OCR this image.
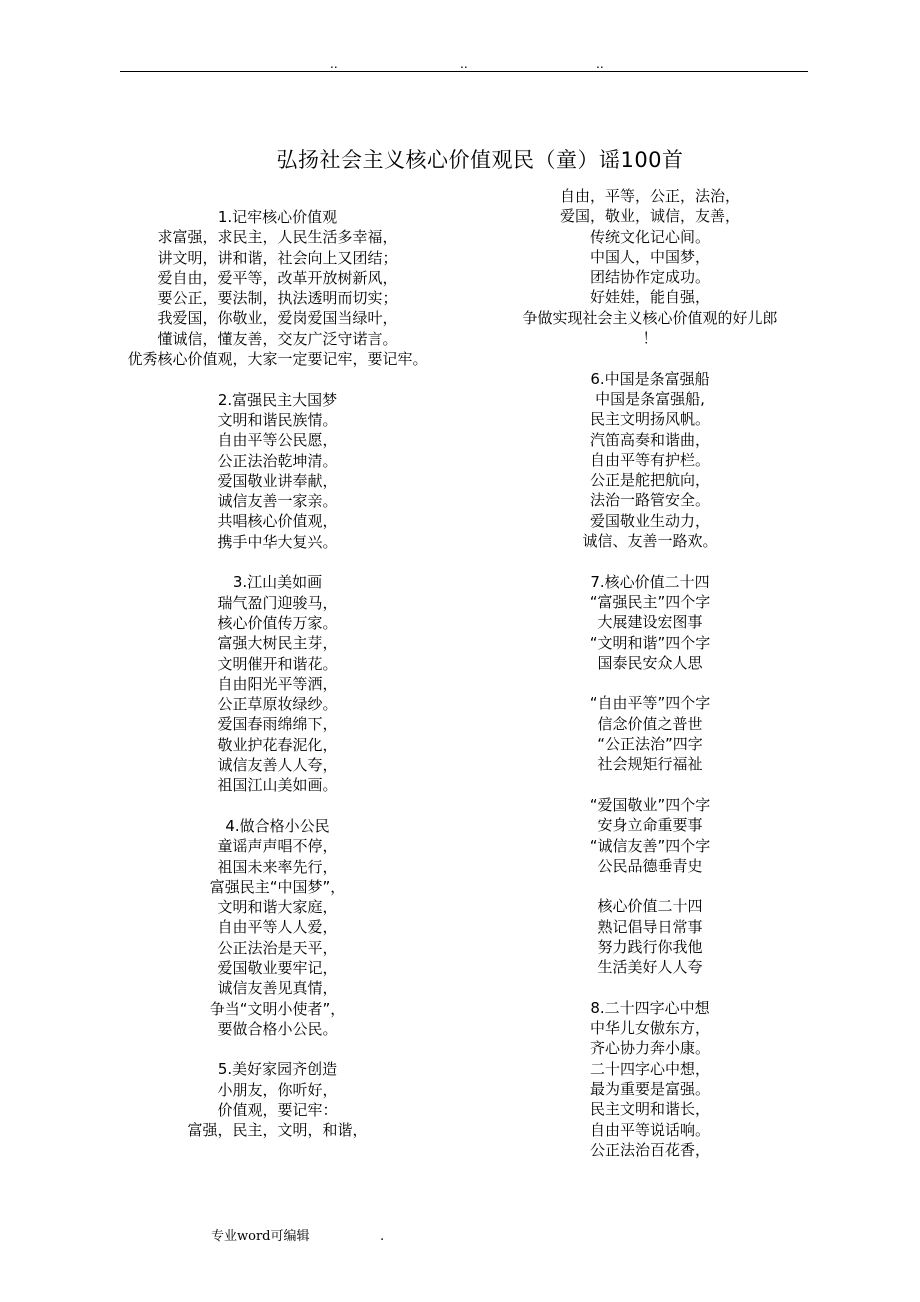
..	..	..
弘扬社会主义核心价值观民（童）谣100首
1.记牢核心价值观
求富强，求民主，人民生活多幸福，
讲文明，讲和谐，社会向上又团结；
爱自由，爱平等，改革开放树新风，
要公正，要法制，执法透明而切实；
我爱国，你敬业，爱岗爱国当绿叶，
懂诚信，懂友善，交友广泛守诺言。
优秀核心价值观，大家一定要记牢，要记牢。
2.富强民主大国梦
文明和谐民族情。
自由平等公民愿，
公正法治乾坤清。
爱国敬业讲奉献，
诚信友善一家亲。
共唱核心价值观，
携手中华大复兴。
3.江山美如画
瑞气盈门迎骏马，
核心价值传万家。
富强大树民主芽，
文明催开和谐花。
自由阳光平等洒，
公正草原妆绿纱。
爱国春雨绵绵下，
敬业护花春泥化，
诚信友善人人夸，
祖国江山美如画。
4.做合格小公民
童谣声声唱不停，
祖国未来率先行，
富强民主“中国梦”，
文明和谐大家庭，
自由平等人人爱，
公正法治是天平，
爱国敬业要牢记，
诚信友善见真情，
争当“文明小使者”，
要做合格小公民。
5.美好家园齐创造
小朋友，你听好，
价值观，要记牢：
富强，民主，文明，和谐，
自由，平等，公正，法治，
爱国，敬业，诚信，友善，
传统文化记心间。
中国人，中国梦，
团结协作定成功。
好娃娃，能自强，
争做实现社会主义核心价值观的好儿郎
！
6.中国是条富强船
中国是条富强船,
民主文明扬风帆。
汽笛高奏和谐曲，
自由平等有护栏。
公正是舵把航向，
法治一路管安全。
爱国敬业生动力，
诚信、友善一路欢。
7.核心价值二十四
“富强民主”四个字
大展建设宏图事
“文明和谐”四个字
国泰民安众人思
“自由平等”四个字
信念价值之普世
“公正法治”四字
社会规矩行福祉
“爱国敬业”四个字
安身立命重要事
“诚信友善”四个字
公民品德垂青史
核心价值二十四
熟记倡导日常事
努力践行你我他
生活美好人人夸
8.二十四字心中想
中华儿女傲东方，
齐心协力奔小康。
二十四字心中想，
最为重要是富强。
民主文明和谐长，
自由平等说话响。
公正法治百花香，
专业word可编辑	.
